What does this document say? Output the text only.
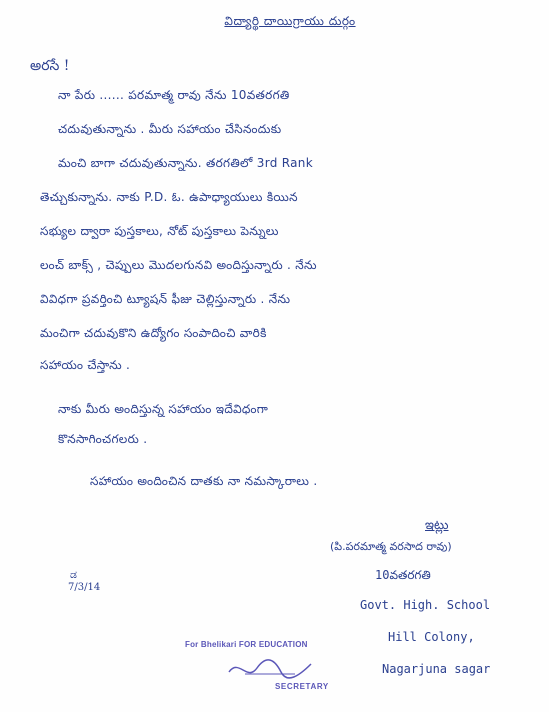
విద్యార్థి దాయిగ్రాయు దుర్గం
అరసే !
నా పేరు ...... పరమాత్మ రావు నేను 10వతరగతి
చదువుతున్నాను . మీరు సహాయం చేసినందుకు
మంచి బాగా చదువుతున్నాను. తరగతిలో 3rd Rank
తెచ్చుకున్నాను. నాకు P.D. ఓ. ఉపాధ్యాయులు కియిన
సభ్యుల ద్వారా పుస్తకాలు, నోట్ పుస్తకాలు పెన్నులు
లంచ్ బాక్స్ , చెప్పులు మొదలగునవి అందిస్తున్నారు . నేను
వివిధగా ప్రవర్తించి ట్యూషన్ ఫీజు చెల్లిస్తున్నారు . నేను
మంచిగా చదువుకొని ఉద్యోగం సంపాదించి వారికి
సహాయం చేస్తాను .
నాకు మీరు అందిస్తున్న సహాయం ఇదేవిధంగా
కొనసాగించగలరు .
సహాయం అందించిన దాతకు నా నమస్కారాలు .
ఇట్లు
(పి.పరమాత్మ వరసాద రావు)
10వతరగతి
Govt. High. School
Hill Colony,
Nagarjuna sagar
ಡ
7/3/14
For Bhelikari FOR EDUCATION
SECRETARY
